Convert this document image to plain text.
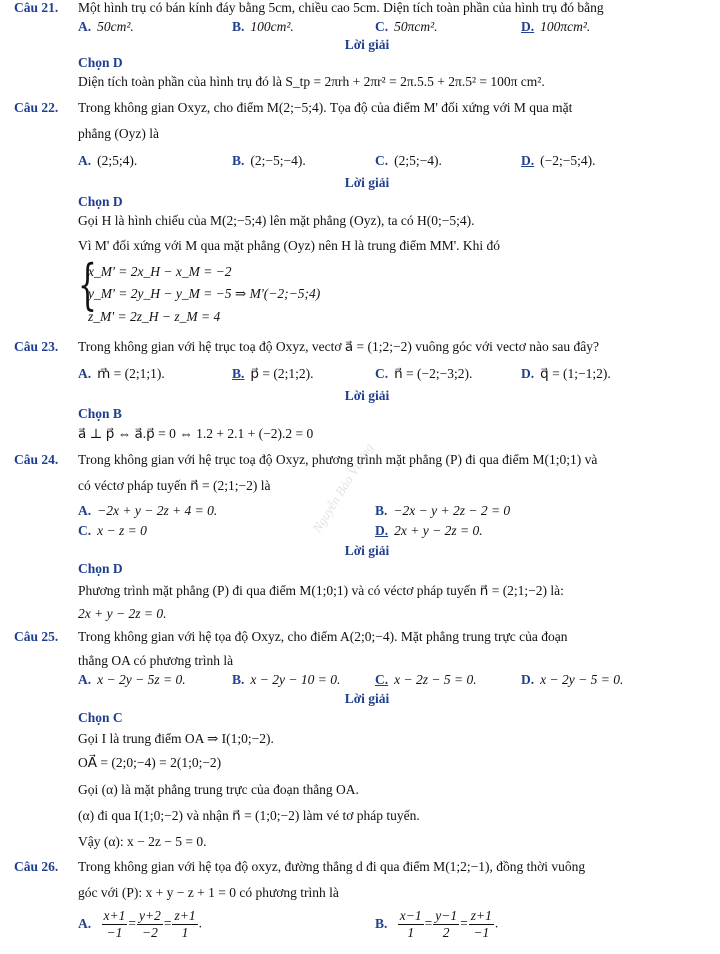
Nguyễn Bảo Vương
Câu 21. Một hình trụ có bán kính đáy bằng 5cm, chiều cao 5cm. Diện tích toàn phần của hình trụ đó bằng
A. 50cm².	B. 100cm².	C. 50πcm².	D. 100πcm².
Lời giải
Chọn D
Diện tích toàn phần của hình trụ đó là S_tp = 2πrh + 2πr² = 2π.5.5 + 2π.5² = 100π cm².
Câu 22. Trong không gian Oxyz, cho điểm M(2;−5;4). Tọa độ của điểm M' đối xứng với M qua mặt
phẳng (Oyz) là
A. (2;5;4).	B. (2;−5;−4).	C. (2;5;−4).	D. (−2;−5;4).
Lời giải
Chọn D
Gọi H là hình chiếu của M(2;−5;4) lên mặt phẳng (Oyz), ta có H(0;−5;4).
Vì M' đối xứng với M qua mặt phẳng (Oyz) nên H là trung điểm MM'. Khi đó
{
x_M' = 2x_H − x_M = −2
y_M' = 2y_H − y_M = −5 ⇒ M'(−2;−5;4)
z_M' = 2z_H − z_M = 4
Câu 23. Trong không gian với hệ trục toạ độ Oxyz, vectơ a⃗ = (1;2;−2) vuông góc với vectơ nào sau đây?
A. m⃗ = (2;1;1).	B. p⃗ = (2;1;2).	C. n⃗ = (−2;−3;2).	D. q⃗ = (1;−1;2).
Lời giải
Chọn B
a⃗ ⊥ p⃗ ⇔ a⃗.p⃗ = 0 ⇔ 1.2 + 2.1 + (−2).2 = 0
Câu 24. Trong không gian với hệ trục toạ độ Oxyz, phương trình mặt phẳng (P) đi qua điểm M(1;0;1) và
có véctơ pháp tuyến n⃗ = (2;1;−2) là
A. −2x + y − 2z + 4 = 0.	B. −2x − y + 2z − 2 = 0
C. x − z = 0	D. 2x + y − 2z = 0.
Lời giải
Chọn D
Phương trình mặt phẳng (P) đi qua điểm M(1;0;1) và có véctơ pháp tuyến n⃗ = (2;1;−2) là:
2x + y − 2z = 0.
Câu 25. Trong không gian với hệ tọa độ Oxyz, cho điểm A(2;0;−4). Mặt phẳng trung trực của đoạn
thẳng OA có phương trình là
A. x − 2y − 5z = 0.	B. x − 2y − 10 = 0.	C. x − 2z − 5 = 0.	D. x − 2y − 5 = 0.
Lời giải
Chọn C
Gọi I là trung điểm OA ⇒ I(1;0;−2).
OA⃗ = (2;0;−4) = 2(1;0;−2)
Gọi (α) là mặt phẳng trung trực của đoạn thẳng OA.
(α) đi qua I(1;0;−2) và nhận n⃗ = (1;0;−2) làm vé tơ pháp tuyến.
Vậy (α): x − 2z − 5 = 0.
Câu 26. Trong không gian với hệ tọa độ oxyz, đường thẳng d đi qua điểm M(1;2;−1), đồng thời vuông
góc với (P): x + y − z + 1 = 0 có phương trình là
A. $\frac{x+1}{-1} = \frac{y+2}{-2} = \frac{z+1}{1}$ .	B. $\frac{x-1}{1} = \frac{y-1}{2} = \frac{z+1}{-1}$ .
